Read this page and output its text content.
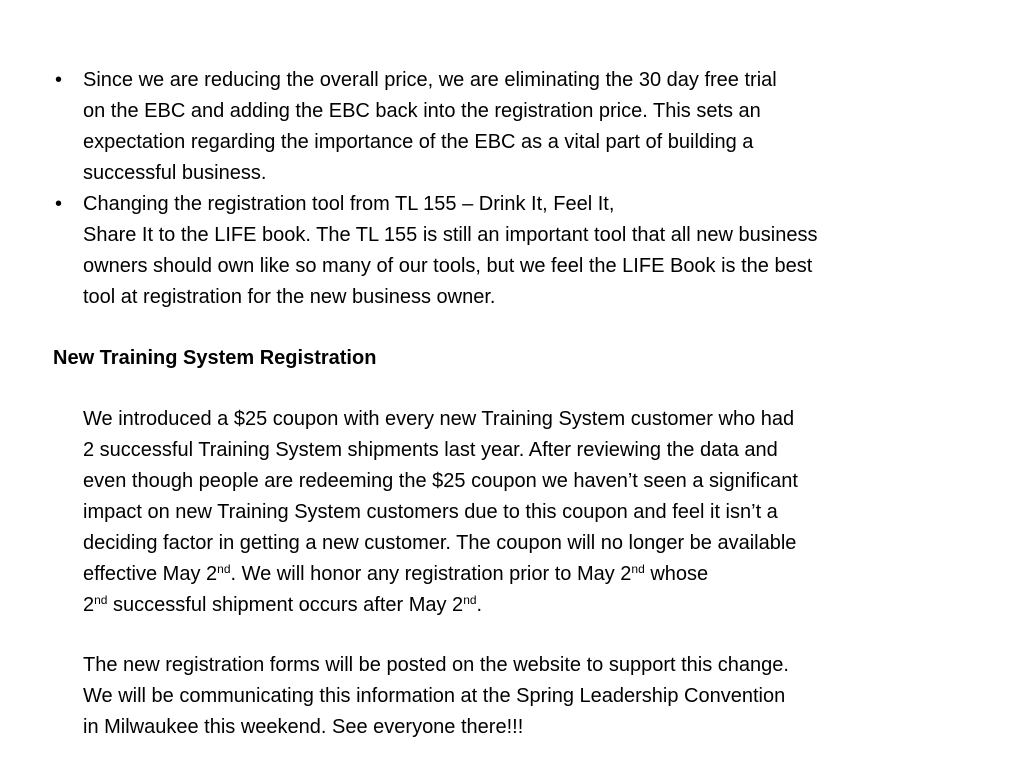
• Since we are reducing the overall price, we are eliminating the 30 day free trial
on the EBC and adding the EBC back into the registration price. This sets an
expectation regarding the importance of the EBC as a vital part of building a
successful business.
• Changing the registration tool from TL 155 – Drink It, Feel It,
Share It to the LIFE book. The TL 155 is still an important tool that all new business
owners should own like so many of our tools, but we feel the LIFE Book is the best
tool at registration for the new business owner.
New Training System Registration
We introduced a $25 coupon with every new Training System customer who had
2 successful Training System shipments last year. After reviewing the data and
even though people are redeeming the $25 coupon we haven’t seen a significant
impact on new Training System customers due to this coupon and feel it isn’t a
deciding factor in getting a new customer. The coupon will no longer be available
effective May 2nd. We will honor any registration prior to May 2nd whose
2nd successful shipment occurs after May 2nd.
The new registration forms will be posted on the website to support this change.
We will be communicating this information at the Spring Leadership Convention
in Milwaukee this weekend. See everyone there!!!
